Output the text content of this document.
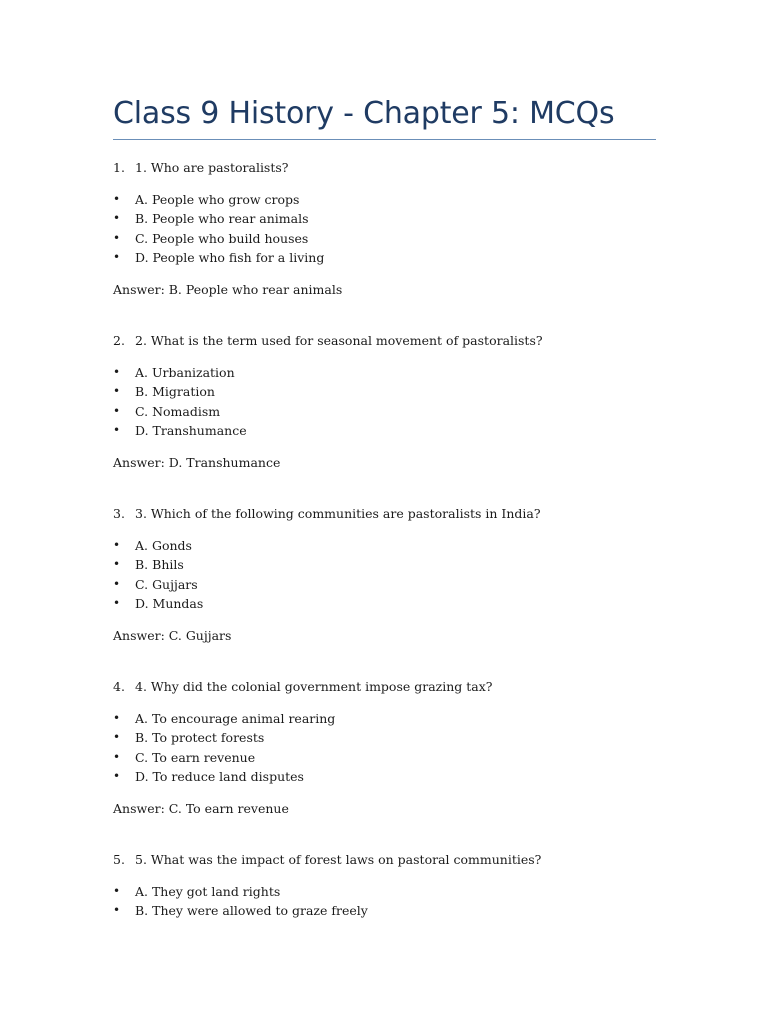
Class 9 History - Chapter 5: MCQs
1. 1. Who are pastoralists?
• A. People who grow crops
• B. People who rear animals
• C. People who build houses
• D. People who fish for a living
Answer: B. People who rear animals
2. 2. What is the term used for seasonal movement of pastoralists?
• A. Urbanization
• B. Migration
• C. Nomadism
• D. Transhumance
Answer: D. Transhumance
3. 3. Which of the following communities are pastoralists in India?
• A. Gonds
• B. Bhils
• C. Gujjars
• D. Mundas
Answer: C. Gujjars
4. 4. Why did the colonial government impose grazing tax?
• A. To encourage animal rearing
• B. To protect forests
• C. To earn revenue
• D. To reduce land disputes
Answer: C. To earn revenue
5. 5. What was the impact of forest laws on pastoral communities?
• A. They got land rights
• B. They were allowed to graze freely
